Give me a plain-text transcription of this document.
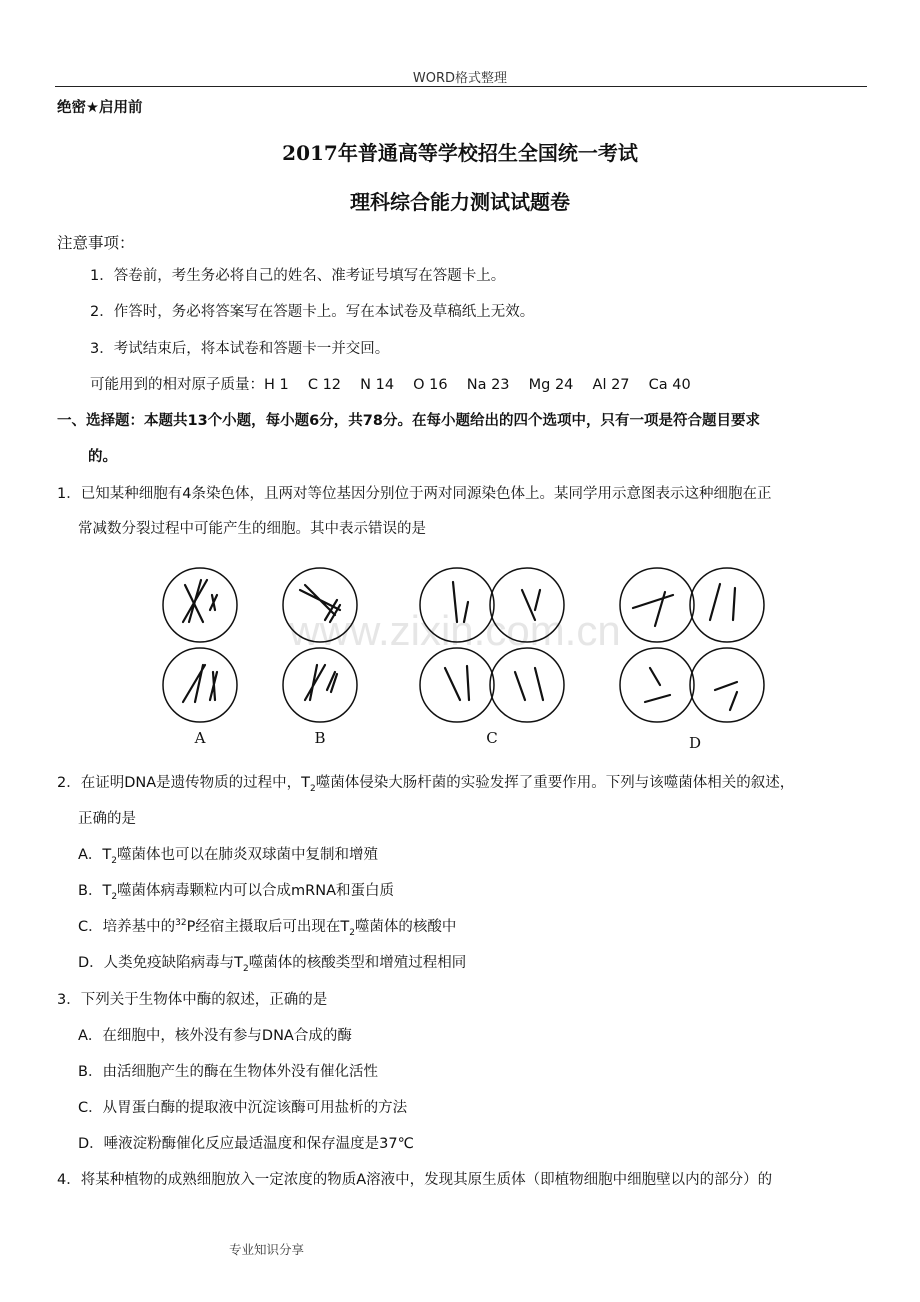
WORD格式整理
绝密★启用前
2017年普通高等学校招生全国统一考试
理科综合能力测试试题卷
注意事项：
1．答卷前，考生务必将自己的姓名、准考证号填写在答题卡上。
2．作答时，务必将答案写在答题卡上。写在本试卷及草稿纸上无效。
3．考试结束后，将本试卷和答题卡一并交回。
可能用到的相对原子质量：H 1　 C 12　 N 14　 O 16　 Na 23　 Mg 24　 Al 27　 Ca 40
一、选择题：本题共13个小题，每小题6分，共78分。在每小题给出的四个选项中，只有一项是符合题目要求
的。
1．已知某种细胞有4条染色体，且两对等位基因分别位于两对同源染色体上。某同学用示意图表示这种细胞在正
常减数分裂过程中可能产生的细胞。其中表示错误的是
www.zixin.com.cn
A	B	C	D
2．在证明DNA是遗传物质的过程中，$T_2$噬菌体侵染大肠杆菌的实验发挥了重要作用。下列与该噬菌体相关的叙述，
正确的是
A．$T_2$噬菌体也可以在肺炎双球菌中复制和增殖
B．$T_2$噬菌体病毒颗粒内可以合成mRNA和蛋白质
C．培养基中的$^{32}$P经宿主摄取后可出现在$T_2$噬菌体的核酸中
D．人类免疫缺陷病毒与$T_2$噬菌体的核酸类型和增殖过程相同
3．下列关于生物体中酶的叙述，正确的是
A．在细胞中，核外没有参与DNA合成的酶
B．由活细胞产生的酶在生物体外没有催化活性
C．从胃蛋白酶的提取液中沉淀该酶可用盐析的方法
D．唾液淀粉酶催化反应最适温度和保存温度是37℃
4．将某种植物的成熟细胞放入一定浓度的物质A溶液中，发现其原生质体（即植物细胞中细胞壁以内的部分）的
专业知识分享
